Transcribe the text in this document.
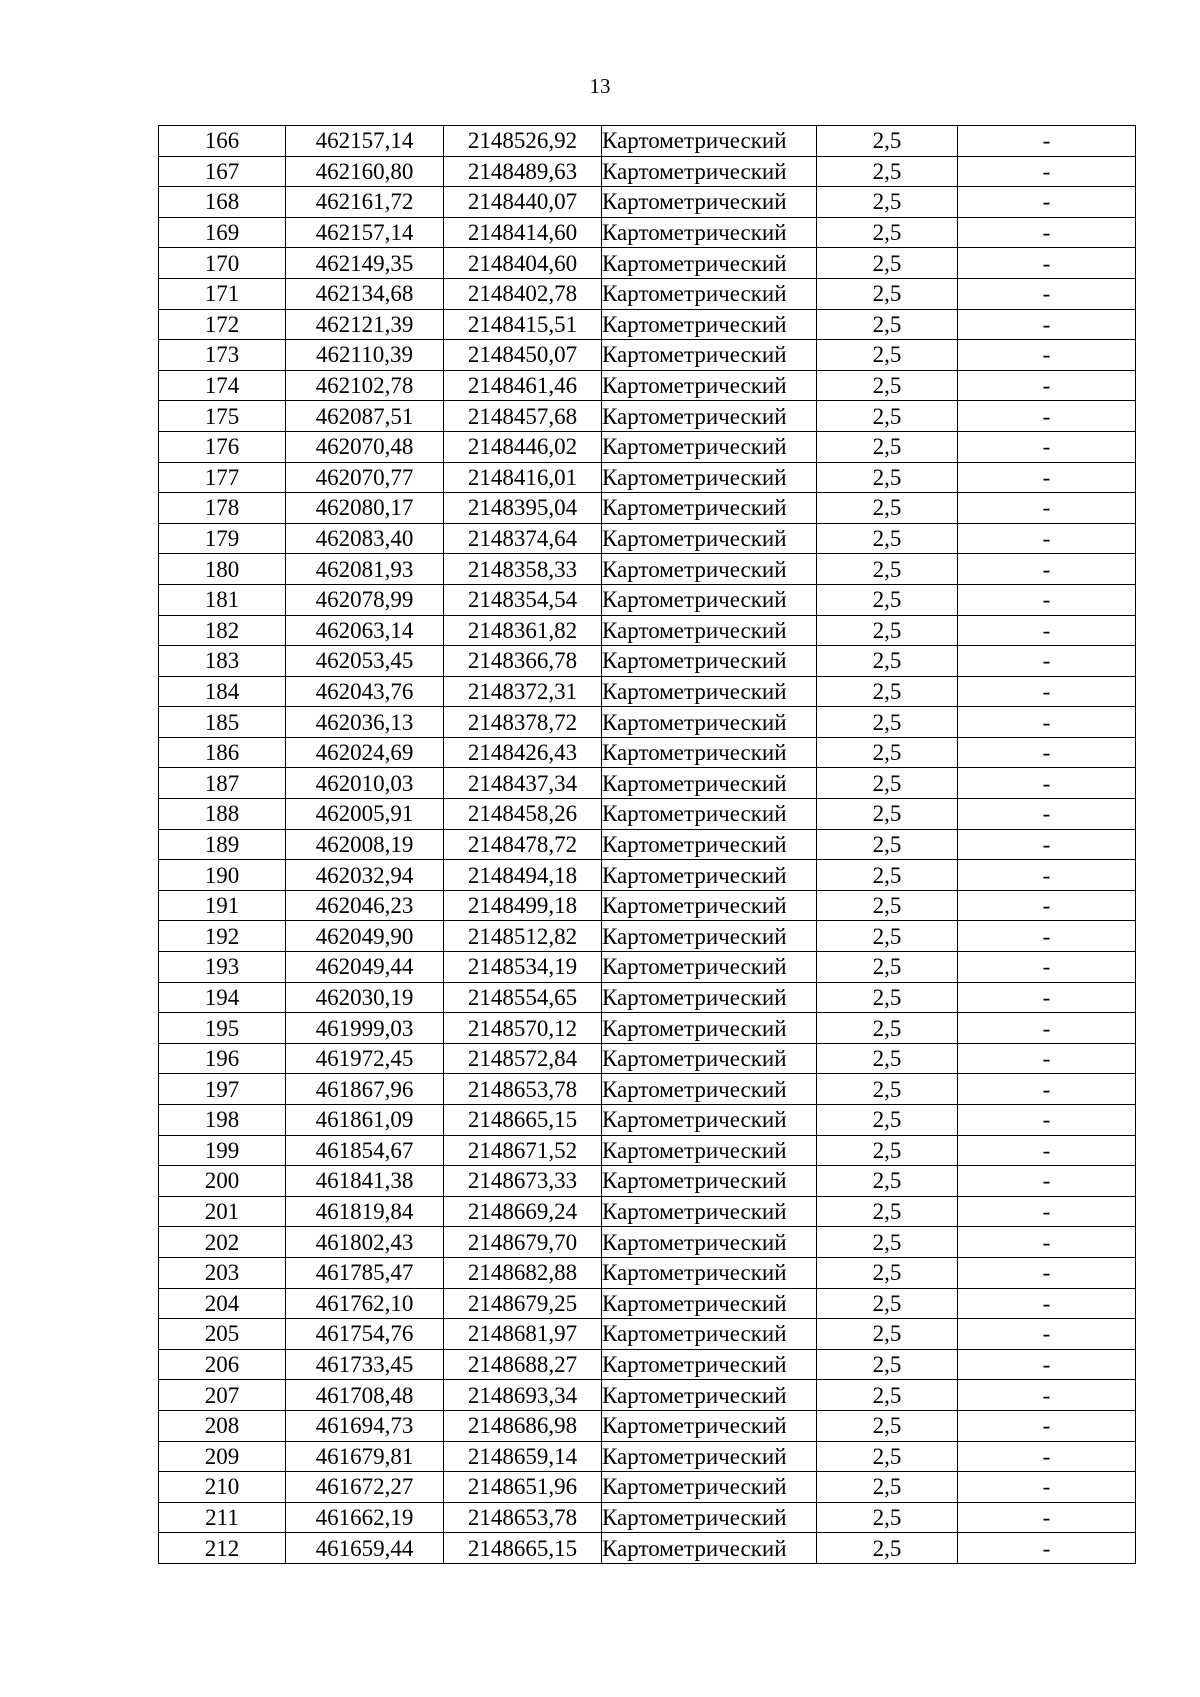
13
166	462157,14	2148526,92	Картометрический	2,5	-
167	462160,80	2148489,63	Картометрический	2,5	-
168	462161,72	2148440,07	Картометрический	2,5	-
169	462157,14	2148414,60	Картометрический	2,5	-
170	462149,35	2148404,60	Картометрический	2,5	-
171	462134,68	2148402,78	Картометрический	2,5	-
172	462121,39	2148415,51	Картометрический	2,5	-
173	462110,39	2148450,07	Картометрический	2,5	-
174	462102,78	2148461,46	Картометрический	2,5	-
175	462087,51	2148457,68	Картометрический	2,5	-
176	462070,48	2148446,02	Картометрический	2,5	-
177	462070,77	2148416,01	Картометрический	2,5	-
178	462080,17	2148395,04	Картометрический	2,5	-
179	462083,40	2148374,64	Картометрический	2,5	-
180	462081,93	2148358,33	Картометрический	2,5	-
181	462078,99	2148354,54	Картометрический	2,5	-
182	462063,14	2148361,82	Картометрический	2,5	-
183	462053,45	2148366,78	Картометрический	2,5	-
184	462043,76	2148372,31	Картометрический	2,5	-
185	462036,13	2148378,72	Картометрический	2,5	-
186	462024,69	2148426,43	Картометрический	2,5	-
187	462010,03	2148437,34	Картометрический	2,5	-
188	462005,91	2148458,26	Картометрический	2,5	-
189	462008,19	2148478,72	Картометрический	2,5	-
190	462032,94	2148494,18	Картометрический	2,5	-
191	462046,23	2148499,18	Картометрический	2,5	-
192	462049,90	2148512,82	Картометрический	2,5	-
193	462049,44	2148534,19	Картометрический	2,5	-
194	462030,19	2148554,65	Картометрический	2,5	-
195	461999,03	2148570,12	Картометрический	2,5	-
196	461972,45	2148572,84	Картометрический	2,5	-
197	461867,96	2148653,78	Картометрический	2,5	-
198	461861,09	2148665,15	Картометрический	2,5	-
199	461854,67	2148671,52	Картометрический	2,5	-
200	461841,38	2148673,33	Картометрический	2,5	-
201	461819,84	2148669,24	Картометрический	2,5	-
202	461802,43	2148679,70	Картометрический	2,5	-
203	461785,47	2148682,88	Картометрический	2,5	-
204	461762,10	2148679,25	Картометрический	2,5	-
205	461754,76	2148681,97	Картометрический	2,5	-
206	461733,45	2148688,27	Картометрический	2,5	-
207	461708,48	2148693,34	Картометрический	2,5	-
208	461694,73	2148686,98	Картометрический	2,5	-
209	461679,81	2148659,14	Картометрический	2,5	-
210	461672,27	2148651,96	Картометрический	2,5	-
211	461662,19	2148653,78	Картометрический	2,5	-
212	461659,44	2148665,15	Картометрический	2,5	-
